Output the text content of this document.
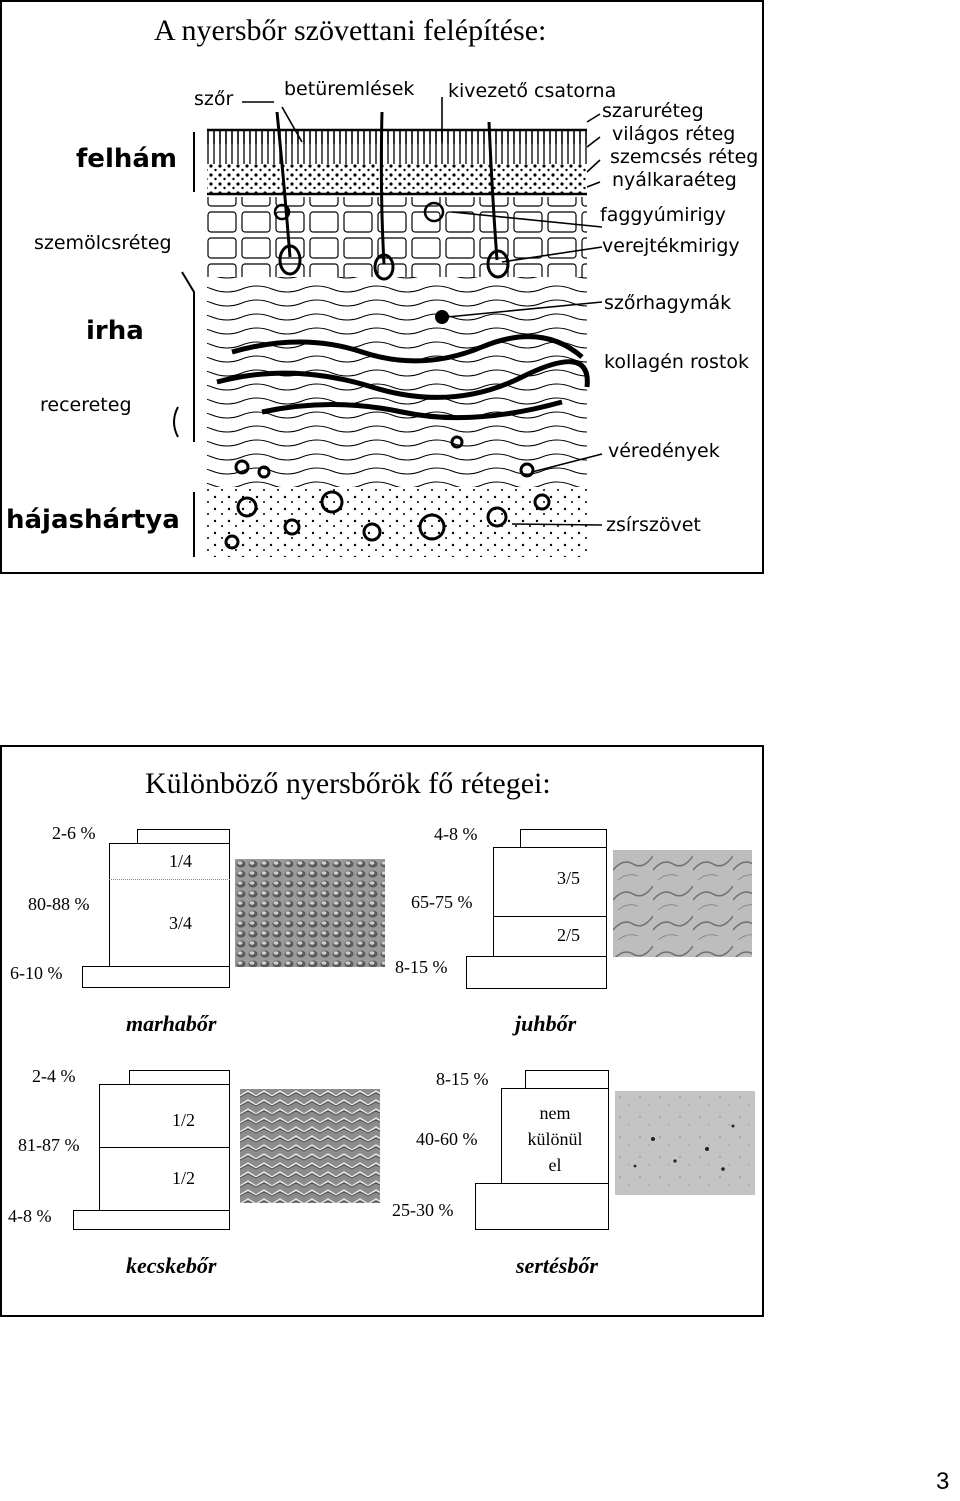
A nyersbőr szövettani felépítése:
szőr	betüremlések kivezető csatorna
felhám
szemölcsréteg
irha
recereteg
hájashártya
szaruréteg
világos réteg
szemcsés réteg
nyálkaraéteg
faggyúmirigy
verejtékmirigy
szőrhagymák
kollagén rostok
véredények
zsírszövet
Különböző nyersbőrök fő rétegei:
2-6 %
80-88 %
6-10 %
1/4
3/4
marhabőr
4-8 %
65-75 %
8-15 %
3/5
2/5
juhbőr
2-4 %
81-87 %
4-8 %
1/2
1/2
kecskebőr
8-15 %
40-60 %
25-30 %
nem
különül
el
sertésbőr
3
